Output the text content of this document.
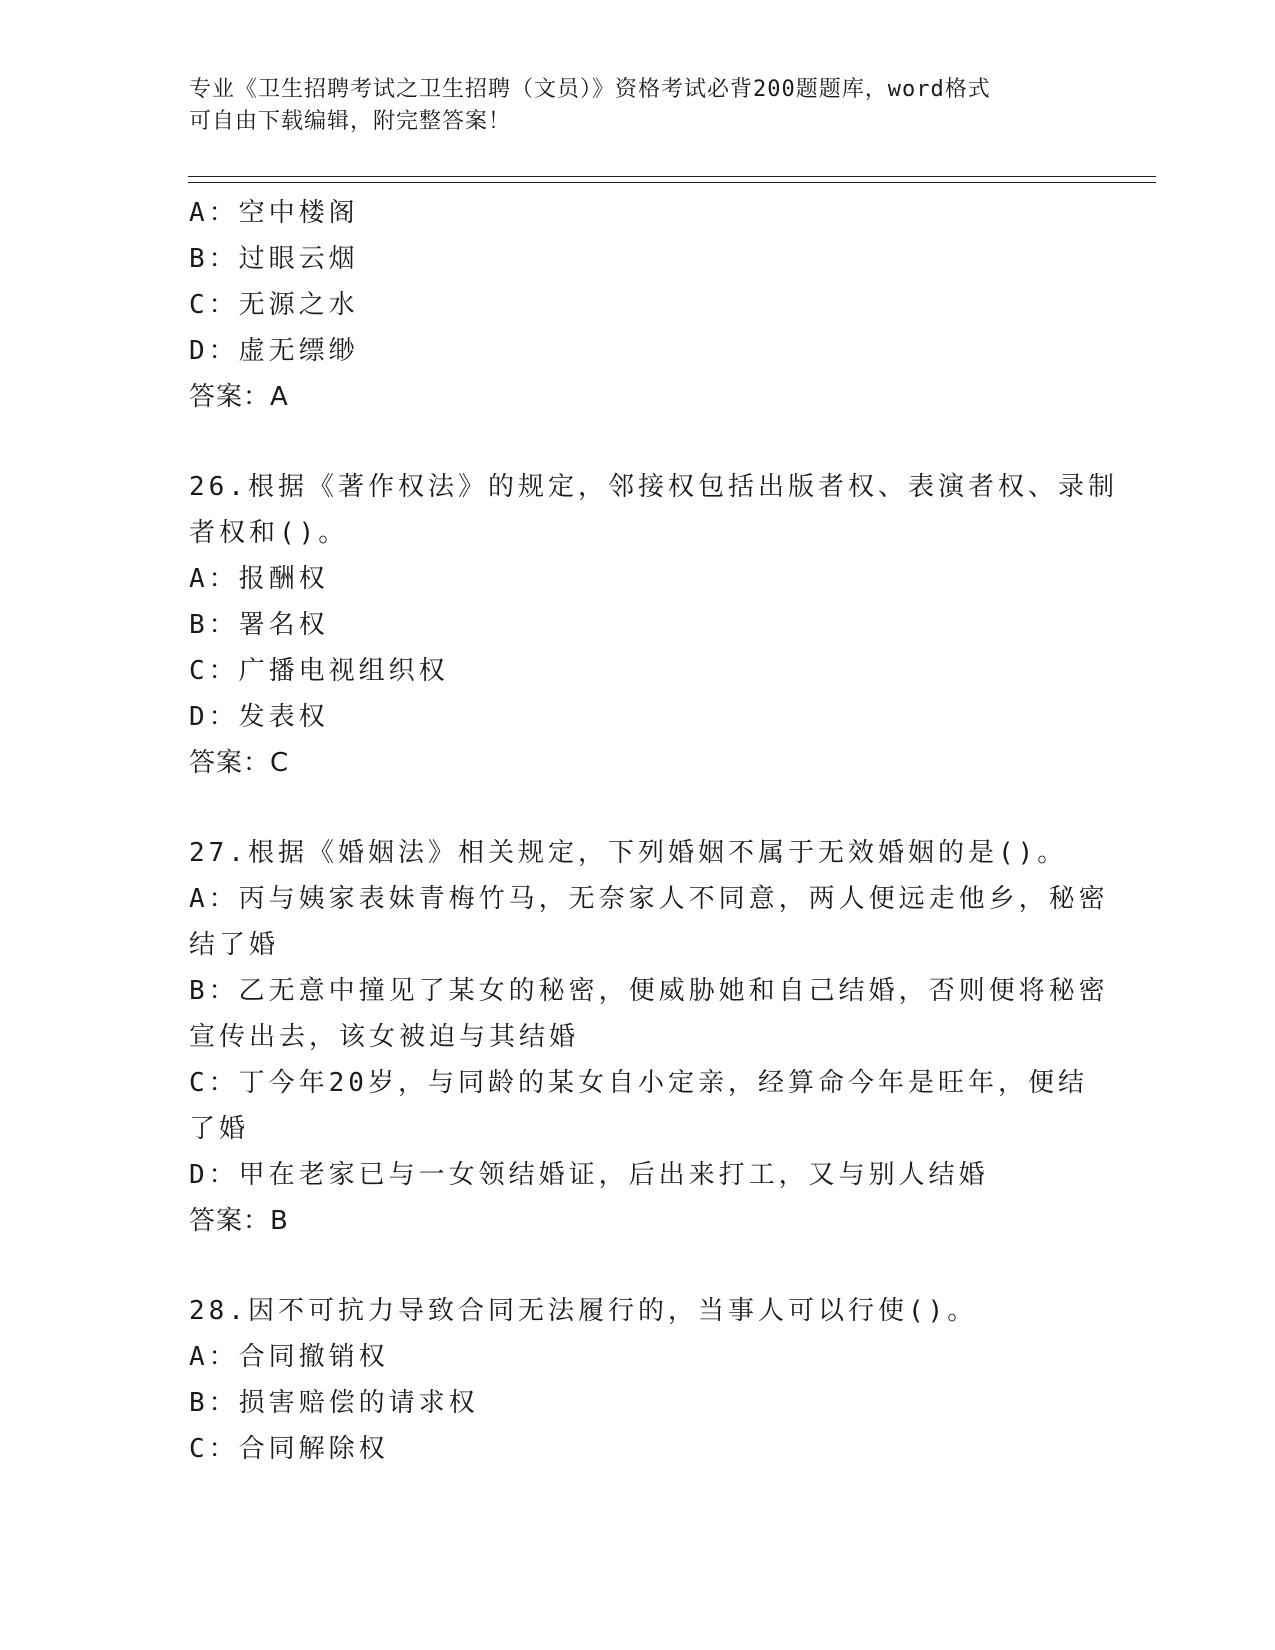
专业《卫生招聘考试之卫生招聘（文员）》资格考试必背200题题库，word格式
可自由下载编辑，附完整答案！
A：空中楼阁
B：过眼云烟
C：无源之水
D：虚无缥缈
答案：A
26.根据《著作权法》的规定，邻接权包括出版者权、表演者权、录制
者权和()。
A：报酬权
B：署名权
C：广播电视组织权
D：发表权
答案：C
27.根据《婚姻法》相关规定，下列婚姻不属于无效婚姻的是()。
A：丙与姨家表妹青梅竹马，无奈家人不同意，两人便远走他乡，秘密
结了婚
B：乙无意中撞见了某女的秘密，便威胁她和自己结婚，否则便将秘密
宣传出去，该女被迫与其结婚
C：丁今年20岁，与同龄的某女自小定亲，经算命今年是旺年，便结
了婚
D：甲在老家已与一女领结婚证，后出来打工，又与别人结婚
答案：B
28.因不可抗力导致合同无法履行的，当事人可以行使()。
A：合同撤销权
B：损害赔偿的请求权
C：合同解除权
